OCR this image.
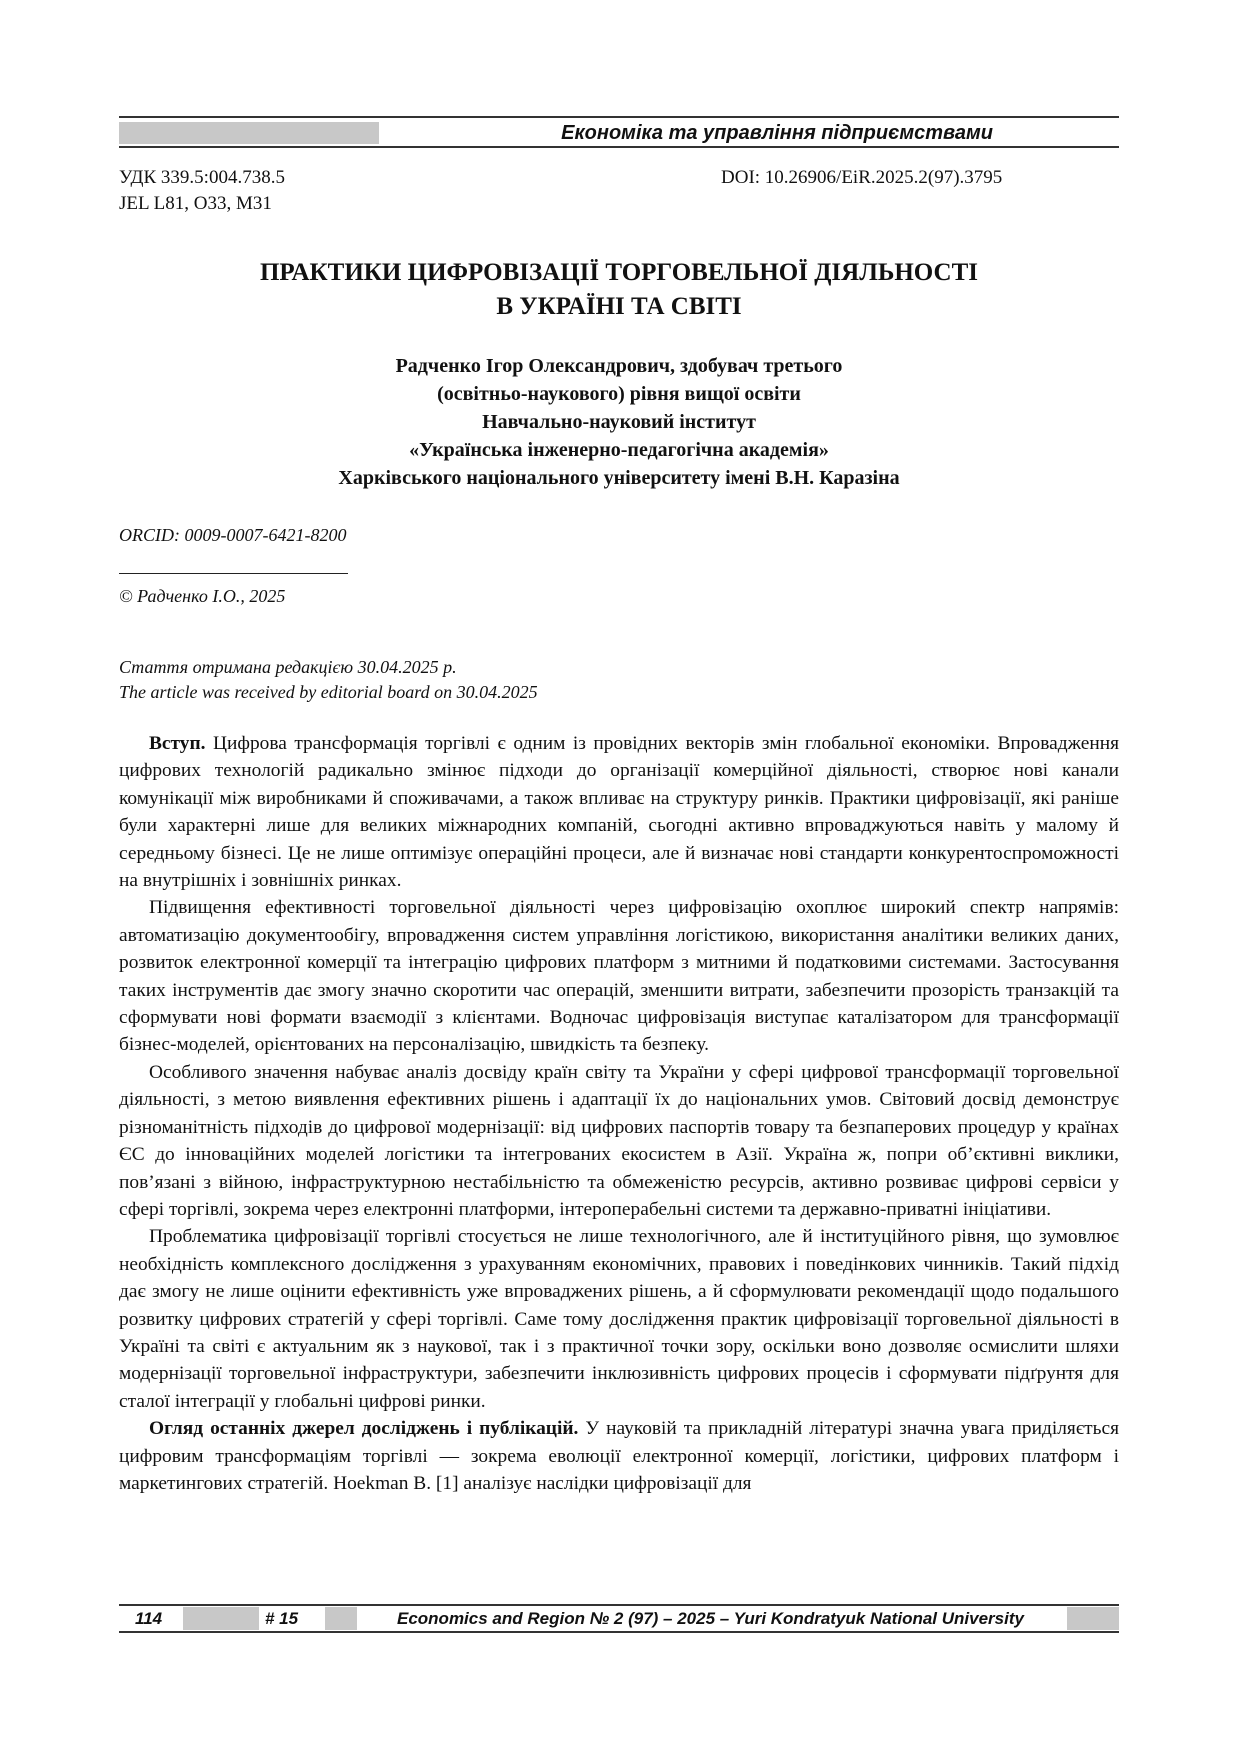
Економіка та управління підприємствами
УДК 339.5:004.738.5
JEL L81, O33, M31
DOI: 10.26906/EiR.2025.2(97).3795
ПРАКТИКИ ЦИФРОВІЗАЦІЇ ТОРГОВЕЛЬНОЇ ДІЯЛЬНОСТІ
В УКРАЇНІ ТА СВІТІ
Радченко Ігор Олександрович, здобувач третього
(освітньо-наукового) рівня вищої освіти
Навчально-науковий інститут
«Українська інженерно-педагогічна академія»
Харківського національного університету імені В.Н. Каразіна
ORCID: 0009-0007-6421-8200
© Радченко І.О., 2025
Стаття отримана редакцією 30.04.2025 р.
The article was received by editorial board on 30.04.2025

Вступ. Цифрова трансформація торгівлі є одним із провідних векторів змін глобальної економіки. Впровадження цифрових технологій радикально змінює підходи до організації комерційної діяльності, створює нові канали комунікації між виробниками й споживачами, а також впливає на структуру ринків. Практики цифровізації, які раніше були характерні лише для великих міжнародних компаній, сьогодні активно впроваджуються навіть у малому й середньому бізнесі. Це не лише оптимізує операційні процеси, але й визначає нові стандарти конкурентоспроможності на внутрішніх і зовнішніх ринках.

Підвищення ефективності торговельної діяльності через цифровізацію охоплює широкий спектр напрямів: автоматизацію документообігу, впровадження систем управління логістикою, використання аналітики великих даних, розвиток електронної комерції та інтеграцію цифрових платформ з митними й податковими системами. Застосування таких інструментів дає змогу значно скоротити час операцій, зменшити витрати, забезпечити прозорість транзакцій та сформувати нові формати взаємодії з клієнтами. Водночас цифровізація виступає каталізатором для трансформації бізнес-моделей, орієнтованих на персоналізацію, швидкість та безпеку.

Особливого значення набуває аналіз досвіду країн світу та України у сфері цифрової трансформації торговельної діяльності, з метою виявлення ефективних рішень і адаптації їх до національних умов. Світовий досвід демонструє різноманітність підходів до цифрової модернізації: від цифрових паспортів товару та безпаперових процедур у країнах ЄС до інноваційних моделей логістики та інтегрованих екосистем в Азії. Україна ж, попри об’єктивні виклики, пов’язані з війною, інфраструктурною нестабільністю та обмеженістю ресурсів, активно розвиває цифрові сервіси у сфері торгівлі, зокрема через електронні платформи, інтероперабельні системи та державно-приватні ініціативи.

Проблематика цифровізації торгівлі стосується не лише технологічного, але й інституційного рівня, що зумовлює необхідність комплексного дослідження з урахуванням економічних, правових і поведінкових чинників. Такий підхід дає змогу не лише оцінити ефективність уже впроваджених рішень, а й сформулювати рекомендації щодо подальшого розвитку цифрових стратегій у сфері торгівлі. Саме тому дослідження практик цифровізації торговельної діяльності в Україні та світі є актуальним як з наукової, так і з практичної точки зору, оскільки воно дозволяє осмислити шляхи модернізації торговельної інфраструктури, забезпечити інклюзивність цифрових процесів і сформувати підґрунтя для сталої інтеграції у глобальні цифрові ринки.

Огляд останніх джерел досліджень і публікацій. У науковій та прикладній літературі значна увага приділяється цифровим трансформаціям торгівлі — зокрема еволюції електронної комерції, логістики, цифрових платформ і маркетингових стратегій. Hoekman B. [1] аналізує наслідки цифровізації для

114	# 15	Economics and Region № 2 (97) – 2025 – Yuri Kondratyuk National University
